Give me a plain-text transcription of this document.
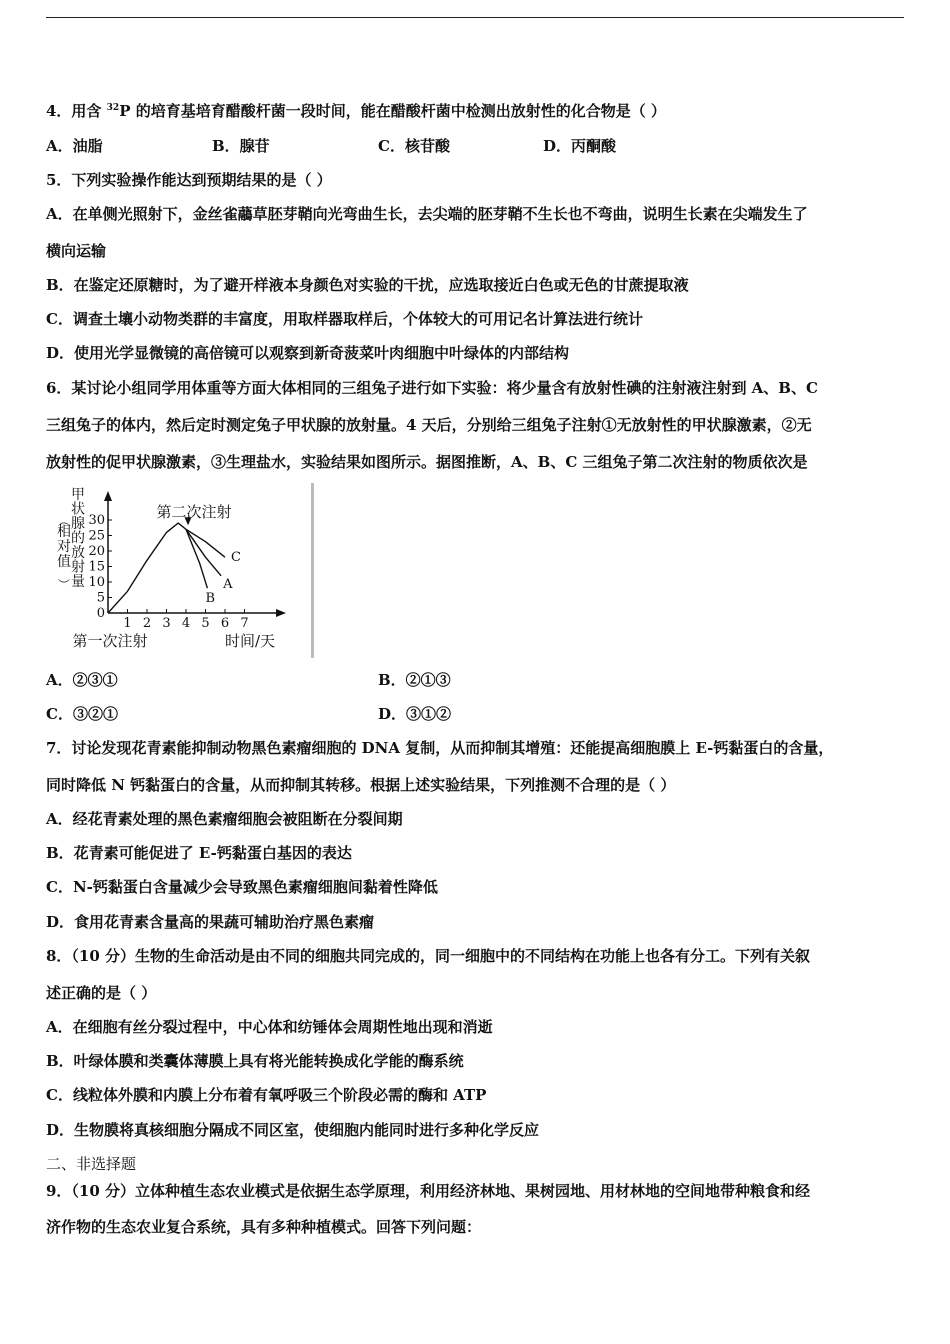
4．用含 $^{32}$P 的培育基培育醋酸杆菌一段时间，能在醋酸杆菌中检测出放射性的化合物是（ ）
A．油脂	B．腺苷	C．核苷酸	D．丙酮酸
5．下列实验操作能达到预期结果的是（ ）
A．在单侧光照射下，金丝雀虉草胚芽鞘向光弯曲生长，去尖端的胚芽鞘不生长也不弯曲，说明生长素在尖端发生了
横向运输
B．在鉴定还原糖时，为了避开样液本身颜色对实验的干扰，应选取接近白色或无色的甘蔗提取液
C．调查土壤小动物类群的丰富度，用取样器取样后，个体较大的可用记名计算法进行统计
D．使用光学显微镜的高倍镜可以观察到新奇菠菜叶肉细胞中叶绿体的内部结构
6．某讨论小组同学用体重等方面大体相同的三组兔子进行如下实验：将少量含有放射性碘的注射液注射到 A、B、C
三组兔子的体内，然后定时测定兔子甲状腺的放射量。4 天后，分别给三组兔子注射①无放射性的甲状腺激素，②无
放射性的促甲状腺激素，③生理盐水，实验结果如图所示。据图推断，A、B、C 三组兔子第二次注射的物质依次是
0
5
10
15
20
25
30
1 2 3 4 5 6 7
甲
状
腺
的
放
射
量
相
对
值
︵
︶
C
A
B
第二次注射
第一次注射	时间/天
A．②③①	B．②①③
C．③②①	D．③①②
7．讨论发现花青素能抑制动物黑色素瘤细胞的 DNA 复制，从而抑制其增殖：还能提高细胞膜上 E-钙黏蛋白的含量，
同时降低 N 钙黏蛋白的含量，从而抑制其转移。根据上述实验结果，下列推测不合理的是（ ）
A．经花青素处理的黑色素瘤细胞会被阻断在分裂间期
B．花青素可能促进了 E-钙黏蛋白基因的表达
C．N-钙黏蛋白含量减少会导致黑色素瘤细胞间黏着性降低
D．食用花青素含量高的果蔬可辅助治疗黑色素瘤
8．（10 分）生物的生命活动是由不同的细胞共同完成的，同一细胞中的不同结构在功能上也各有分工。下列有关叙
述正确的是（ ）
A．在细胞有丝分裂过程中，中心体和纺锤体会周期性地出现和消逝
B．叶绿体膜和类囊体薄膜上具有将光能转换成化学能的酶系统
C．线粒体外膜和内膜上分布着有氧呼吸三个阶段必需的酶和 ATP
D．生物膜将真核细胞分隔成不同区室，使细胞内能同时进行多种化学反应
二、非选择题
9．（10 分）立体种植生态农业模式是依据生态学原理，利用经济林地、果树园地、用材林地的空间地带种粮食和经
济作物的生态农业复合系统，具有多种种植模式。回答下列问题：
